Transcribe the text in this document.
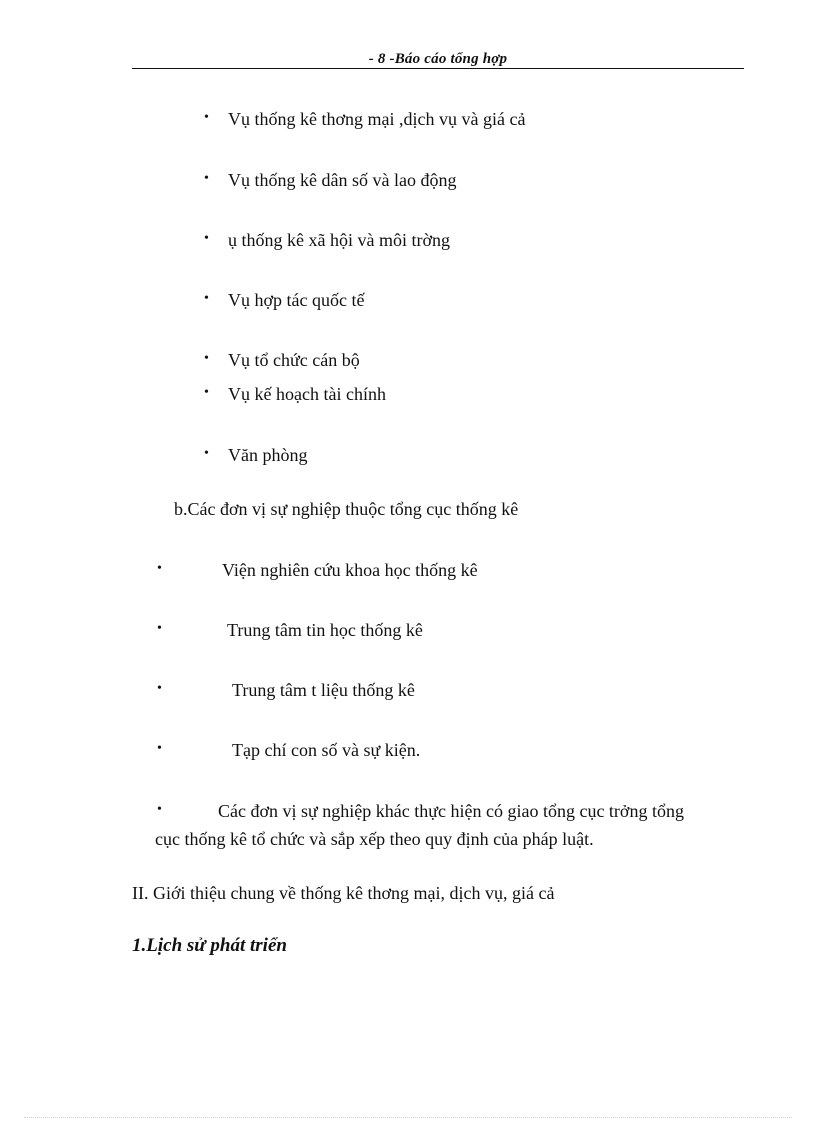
- 8 -Báo cáo tổng hợp
• Vụ thống kê thơng mại ,dịch vụ và giá cả
• Vụ thống kê dân số và lao động
• ụ thống kê xã hội và môi trờng
• Vụ hợp tác quốc tế
• Vụ tổ chức cán bộ
• Vụ kế hoạch tài chính
• Văn phòng
b.Các đơn vị sự nghiệp thuộc tổng cục thống kê
•	Viện nghiên cứu khoa học thống kê
•	Trung tâm tin học thống kê
•	Trung tâm t liệu thống kê
•	Tạp chí con số và sự kiện.
•	Các đơn vị sự nghiệp khác thực hiện có giao tổng cục trởng tổng
cục thống kê tổ chức và sắp xếp theo quy định của pháp luật.
II. Giới thiệu chung về thống kê thơng mại, dịch vụ, giá cả
1.Lịch sử phát triển
